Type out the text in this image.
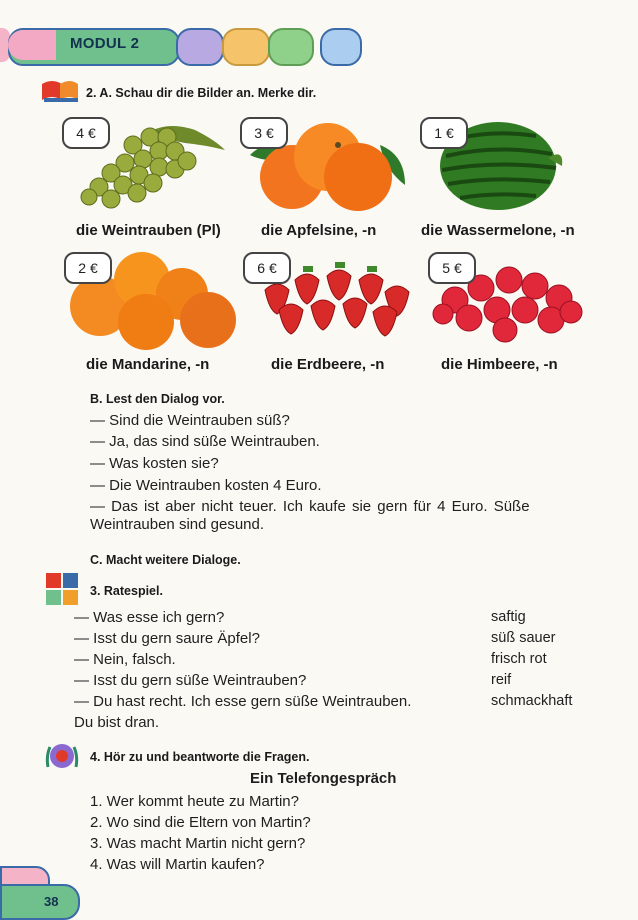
MODUL 2
2. A. Schau dir die Bilder an. Merke dir.
4 €	3 €	1 €
die Weintrauben (Pl)	die Apfelsine, -n	die Wassermelone, -n
2 €	6 €	5 €
die Mandarine, -n	die Erdbeere, -n	die Himbeere, -n
B. Lest den Dialog vor.
— Sind die Weintrauben süß?
— Ja, das sind süße Weintrauben.
— Was kosten sie?
— Die Weintrauben kosten 4 Euro.
— Das ist aber nicht teuer. Ich kaufe sie gern für 4 Euro. Süße
Weintrauben sind gesund.
C. Macht weitere Dialoge.
3. Ratespiel.
— Was esse ich gern?
— Isst du gern saure Äpfel?
— Nein, falsch.
— Isst du gern süße Weintrauben?
— Du hast recht. Ich esse gern süße Weintrauben.
Du bist dran.
saftig
süß sauer
frisch rot
reif
schmackhaft
4. Hör zu und beantworte die Fragen.
Ein Telefongespräch
1. Wer kommt heute zu Martin?
2. Wo sind die Eltern von Martin?
3. Was macht Martin nicht gern?
4. Was will Martin kaufen?
38
